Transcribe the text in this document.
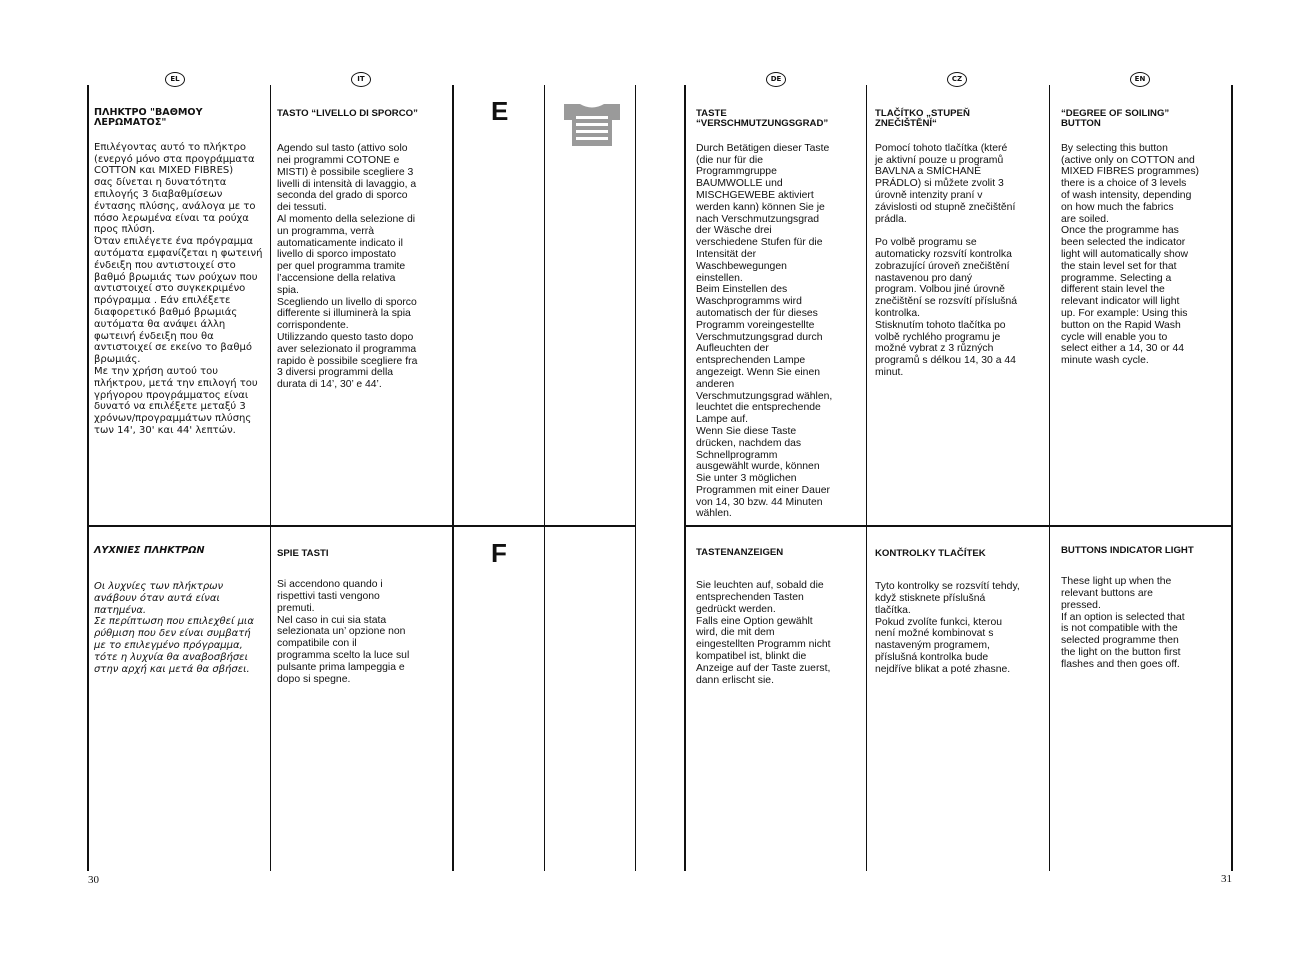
EL	IT	DE	CZ	EN
E
F

ΠΛΗΚΤΡΟ "ΒΑΘΜΟΥ
ΛΕΡΩΜΑΤΟΣ"

Επιλέγοντας αυτό το πλήκτρο
(ενεργό μόνο στα προγράμματα
COTTON και MIXED FIBRES)
σας δίνεται η δυνατότητα
επιλογής 3 διαβαθμίσεων
έντασης πλύσης, ανάλογα με το
πόσο λερωμένα είναι τα ρούχα
προς πλύση.
Όταν επιλέγετε ένα πρόγραμμα
αυτόματα εμφανίζεται η φωτεινή
ένδειξη που αντιστοιχεί στο
βαθμό βρωμιάς των ρούχων που
αντιστοιχεί στο συγκεκριμένο
πρόγραμμα . Εάν επιλέξετε
διαφορετικό βαθμό βρωμιάς
αυτόματα θα ανάψει άλλη
φωτεινή ένδειξη που θα
αντιστοιχεί σε εκείνο το βαθμό
βρωμιάς.
Με την χρήση αυτού του
πλήκτρου, μετά την επιλογή του
γρήγορου προγράμματος είναι
δυνατό να επιλέξετε μεταξύ 3
χρόνων/προγραμμάτων πλύσης
των 14', 30' και 44' λεπτών.

TASTO “LIVELLO DI SPORCO”

Agendo sul tasto (attivo solo
nei programmi COTONE e
MISTI) è possibile scegliere 3
livelli di intensità di lavaggio, a
seconda del grado di sporco
dei tessuti.
Al momento della selezione di
un programma, verrà
automaticamente indicato il
livello di sporco impostato
per quel programma tramite
l’accensione della relativa
spia.
Scegliendo un livello di sporco
differente si illuminerà la spia
corrispondente.
Utilizzando questo tasto dopo
aver selezionato il programma
rapido è possibile scegliere fra
3 diversi programmi della
durata di 14’, 30’ e 44’.

TASTE
“VERSCHMUTZUNGSGRAD”

Durch Betätigen dieser Taste
(die nur für die
Programmgruppe
BAUMWOLLE und
MISCHGEWEBE aktiviert
werden kann) können Sie je
nach Verschmutzungsgrad
der Wäsche drei
verschiedene Stufen für die
Intensität der
Waschbewegungen
einstellen.
Beim Einstellen des
Waschprogramms wird
automatisch der für dieses
Programm voreingestellte
Verschmutzungsgrad durch
Aufleuchten der
entsprechenden Lampe
angezeigt. Wenn Sie einen
anderen
Verschmutzungsgrad wählen,
leuchtet die entsprechende
Lampe auf.
Wenn Sie diese Taste
drücken, nachdem das
Schnellprogramm
ausgewählt wurde, können
Sie unter 3 möglichen
Programmen mit einer Dauer
von 14, 30 bzw. 44 Minuten
wählen.

TLAČÍTKO „STUPEŇ
ZNEČIŠTĚNÍ“

Pomocí tohoto tlačítka (které
je aktivní pouze u programů
BAVLNA a SMÍCHANÉ
PRÁDLO) si můžete zvolit 3
úrovně intenzity praní v
závislosti od stupně znečištění
prádla.

Po volbě programu se
automaticky rozsvítí kontrolka
zobrazující úroveň znečištění
nastavenou pro daný
program. Volbou jiné úrovně
znečištění se rozsvítí příslušná
kontrolka.
Stisknutím tohoto tlačítka po
volbě rychlého programu je
možné vybrat z 3 různých
programů s délkou 14, 30 a 44
minut.

“DEGREE OF SOILING”
BUTTON

By selecting this button
(active only on COTTON and
MIXED FIBRES programmes)
there is a choice of 3 levels
of wash intensity, depending
on how much the fabrics
are soiled.
Once the programme has
been selected the indicator
light will automatically show
the stain level set for that
programme. Selecting a
different stain level the
relevant indicator will light
up. For example: Using this
button on the Rapid Wash
cycle will enable you to
select either a 14, 30 or 44
minute wash cycle.

ΛΥΧΝΙΕΣ ΠΛΗΚΤΡΩΝ

Οι λυχνίες των πλήκτρων
ανάβουν όταν αυτά είναι
πατημένα.
Σε περίπτωση που επιλεχθεί μια
ρύθμιση που δεν είναι συμβατή
με το επιλεγμένο πρόγραμμα,
τότε η λυχνία θα αναβοσβήσει
στην αρχή και μετά θα σβήσει.

SPIE TASTI

Si accendono quando i
rispettivi tasti vengono
premuti.
Nel caso in cui sia stata
selezionata un’ opzione non
compatibile con il
programma scelto la luce sul
pulsante prima lampeggia e
dopo si spegne.

TASTENANZEIGEN

Sie leuchten auf, sobald die
entsprechenden Tasten
gedrückt werden.
Falls eine Option gewählt
wird, die mit dem
eingestellten Programm nicht
kompatibel ist, blinkt die
Anzeige auf der Taste zuerst,
dann erlischt sie.

KONTROLKY TLAČÍTEK

Tyto kontrolky se rozsvítí tehdy,
když stisknete příslušná
tlačítka.
Pokud zvolíte funkci, kterou
není možné kombinovat s
nastaveným programem,
příslušná kontrolka bude
nejdříve blikat a poté zhasne.

BUTTONS INDICATOR LIGHT

These light up when the
relevant buttons are
pressed.
If an option is selected that
is not compatible with the
selected programme then
the light on the button first
flashes and then goes off.

30	31
